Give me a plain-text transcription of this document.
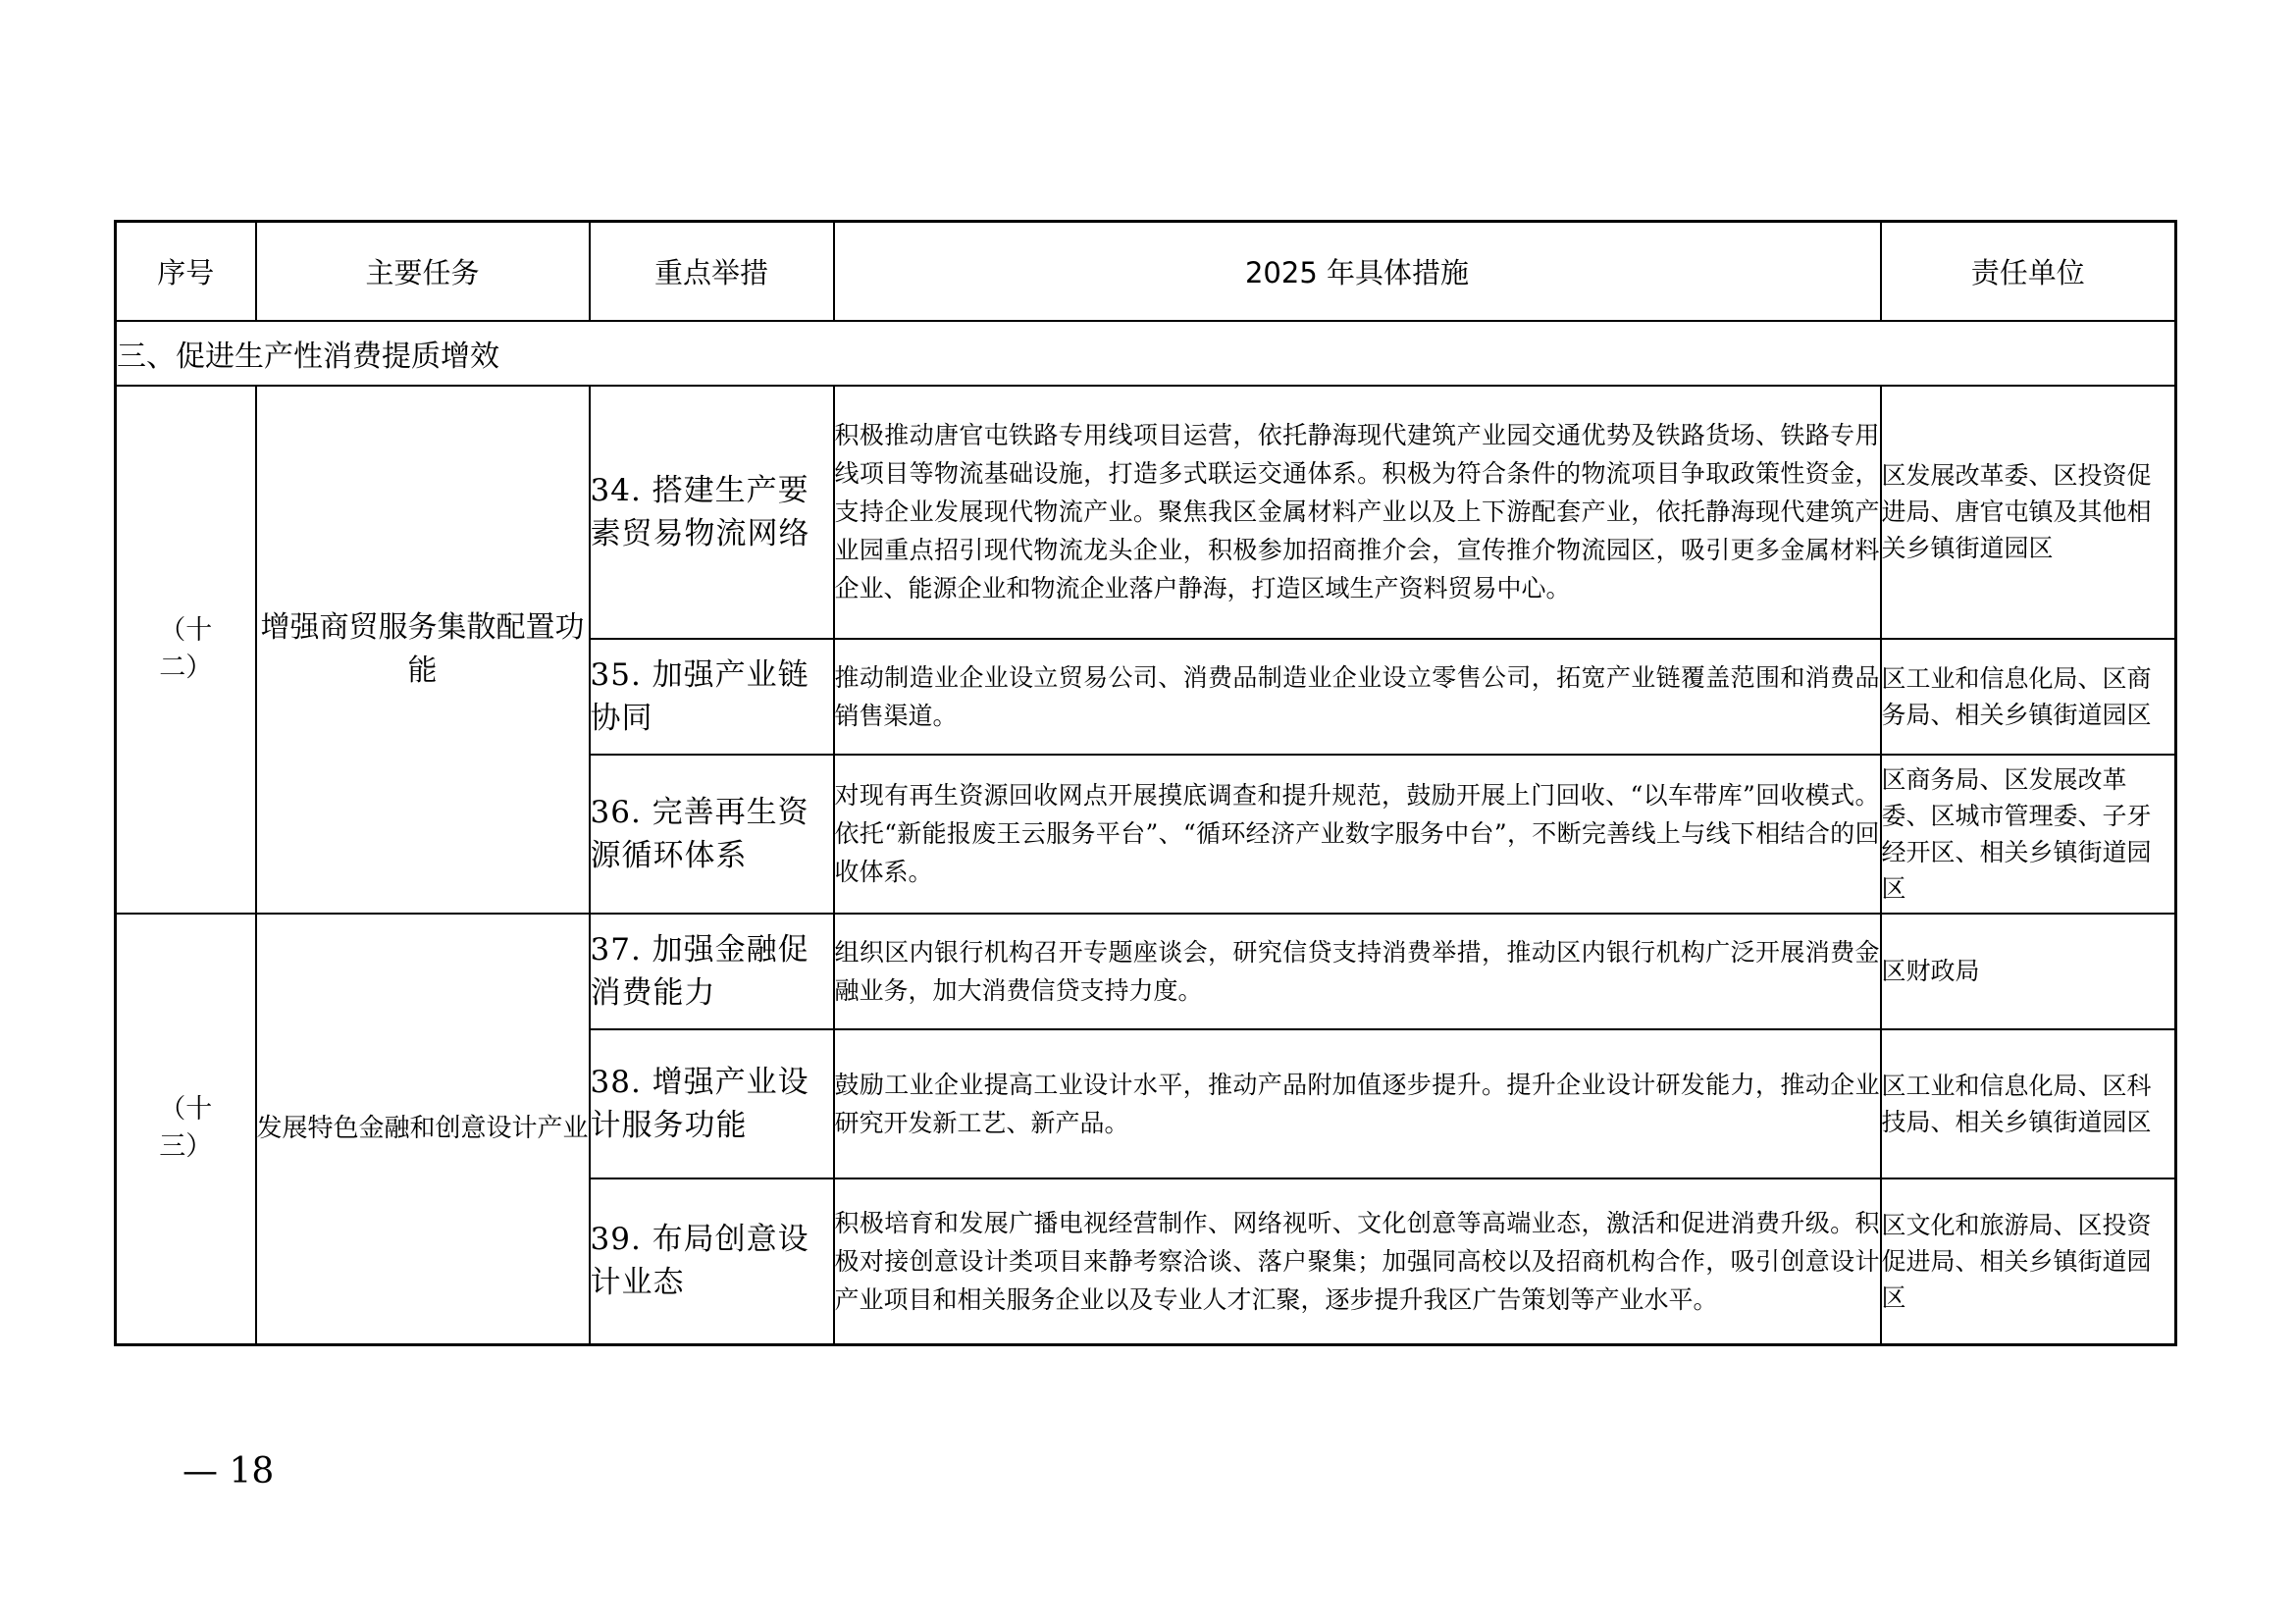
序号	主要任务	重点举措	2025 年具体措施	责任单位
三、促进生产性消费提质增效				
（十二）	增强商贸服务集散配置功能	34. 搭建生产要素贸易物流网络	积极推动唐官屯铁路专用线项目运营，依托静海现代建筑产业园交通优势及铁路货场、铁路专用线项目等物流基础设施，打造多式联运交通体系。积极为符合条件的物流项目争取政策性资金，支持企业发展现代物流产业。聚焦我区金属材料产业以及上下游配套产业，依托静海现代建筑产业园重点招引现代物流龙头企业，积极参加招商推介会，宣传推介物流园区，吸引更多金属材料企业、能源企业和物流企业落户静海，打造区域生产资料贸易中心。	区发展改革委、区投资促进局、唐官屯镇及其他相关乡镇街道园区
		35. 加强产业链协同	推动制造业企业设立贸易公司、消费品制造业企业设立零售公司，拓宽产业链覆盖范围和消费品销售渠道。	区工业和信息化局、区商务局、相关乡镇街道园区
		36. 完善再生资源循环体系	对现有再生资源回收网点开展摸底调查和提升规范，鼓励开展上门回收、“以车带库”回收模式。依托“新能报废王云服务平台”、“循环经济产业数字服务中台”，不断完善线上与线下相结合的回收体系。	区商务局、区发展改革委、区城市管理委、子牙经开区、相关乡镇街道园区
（十三）	发展特色金融和创意设计产业	37. 加强金融促消费能力	组织区内银行机构召开专题座谈会，研究信贷支持消费举措，推动区内银行机构广泛开展消费金融业务，加大消费信贷支持力度。	区财政局
		38. 增强产业设计服务功能	鼓励工业企业提高工业设计水平，推动产品附加值逐步提升。提升企业设计研发能力，推动企业研究开发新工艺、新产品。	区工业和信息化局、区科技局、相关乡镇街道园区
		39. 布局创意设计业态	积极培育和发展广播电视经营制作、网络视听、文化创意等高端业态，激活和促进消费升级。积极对接创意设计类项目来静考察洽谈、落户聚集；加强同高校以及招商机构合作，吸引创意设计产业项目和相关服务企业以及专业人才汇聚，逐步提升我区广告策划等产业水平。	区文化和旅游局、区投资促进局、相关乡镇街道园区
— 18
